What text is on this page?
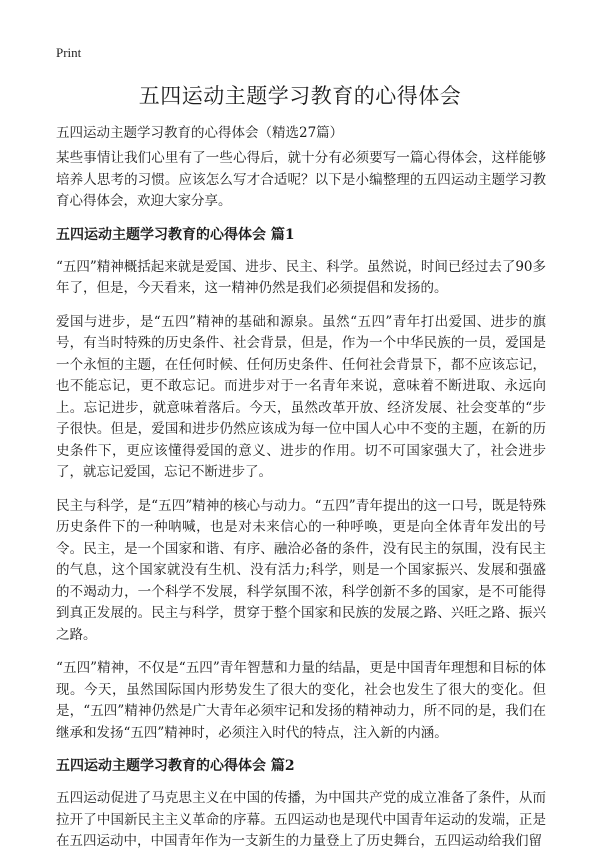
Print
五四运动主题学习教育的心得体会

五四运动主题学习教育的心得体会（精选27篇）

某些事情让我们心里有了一些心得后，就十分有必须要写一篇心得体会，这样能够培养人思考的习惯。应该怎么写才合适呢？以下是小编整理的五四运动主题学习教育心得体会，欢迎大家分享。

五四运动主题学习教育的心得体会 篇1

“五四”精神概括起来就是爱国、进步、民主、科学。虽然说，时间已经过去了90多年了，但是，今天看来，这一精神仍然是我们必须提倡和发扬的。

爱国与进步，是“五四”精神的基础和源泉。虽然“五四”青年打出爱国、进步的旗号，有当时特殊的历史条件、社会背景，但是，作为一个中华民族的一员，爱国是一个永恒的主题，在任何时候、任何历史条件、任何社会背景下，都不应该忘记，也不能忘记，更不敢忘记。而进步对于一名青年来说，意味着不断进取、永远向上。忘记进步，就意味着落后。今天，虽然改革开放、经济发展、社会变革的“步子很快。但是，爱国和进步仍然应该成为每一位中国人心中不变的主题，在新的历史条件下，更应该懂得爱国的意义、进步的作用。切不可国家强大了，社会进步了，就忘记爱国，忘记不断进步了。

民主与科学，是“五四”精神的核心与动力。“五四”青年提出的这一口号，既是特殊历史条件下的一种呐喊，也是对未来信心的一种呼唤，更是向全体青年发出的号令。民主，是一个国家和谐、有序、融洽必备的条件，没有民主的氛围，没有民主的气息，这个国家就没有生机、没有活力;科学，则是一个国家振兴、发展和强盛的不竭动力，一个科学不发展，科学氛围不浓，科学创新不多的国家，是不可能得到真正发展的。民主与科学，贯穿于整个国家和民族的发展之路、兴旺之路、振兴之路。

“五四”精神，不仅是“五四”青年智慧和力量的结晶，更是中国青年理想和目标的体现。今天，虽然国际国内形势发生了很大的变化，社会也发生了很大的变化。但是，“五四”精神仍然是广大青年必须牢记和发扬的精神动力，所不同的是，我们在继承和发扬“五四”精神时，必须注入时代的特点，注入新的内涵。

五四运动主题学习教育的心得体会 篇2

五四运动促进了马克思主义在中国的传播，为中国共产党的成立准备了条件，从而拉开了中国新民主主义革命的序幕。五四运动也是现代中国青年运动的发端，正是在五四运动中，中国青年作为一支新生的力量登上了历史舞台，五四运动给我们留
